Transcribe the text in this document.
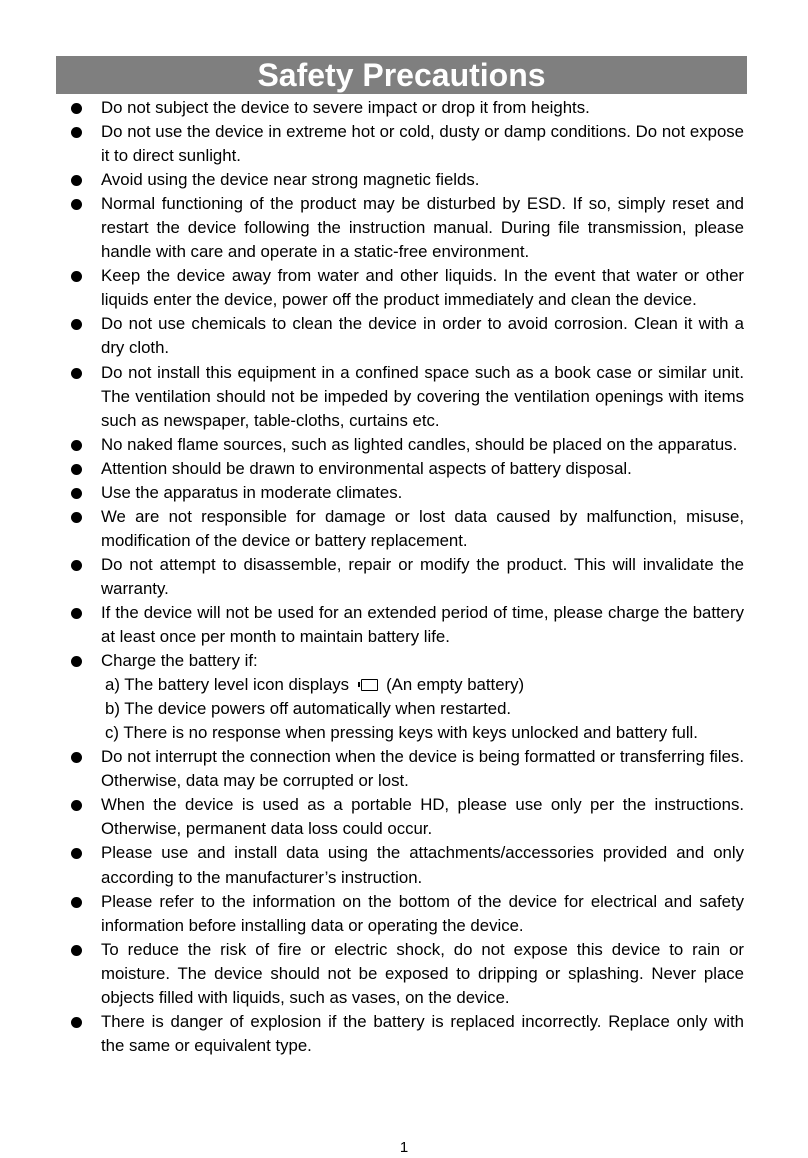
Safety Precautions
Do not subject the device to severe impact or drop it from heights.
Do not use the device in extreme hot or cold, dusty or damp conditions. Do not expose it to direct sunlight.
Avoid using the device near strong magnetic fields.
Normal functioning of the product may be disturbed by ESD. If so, simply reset and restart the device following the instruction manual. During file transmission, please handle with care and operate in a static-free environment.
Keep the device away from water and other liquids. In the event that water or other liquids enter the device, power off the product immediately and clean the device.
Do not use chemicals to clean the device in order to avoid corrosion. Clean it with a dry cloth.
Do not install this equipment in a confined space such as a book case or similar unit. The ventilation should not be impeded by covering the ventilation openings with items such as newspaper, table-cloths, curtains etc.
No naked flame sources, such as lighted candles, should be placed on the apparatus.
Attention should be drawn to environmental aspects of battery disposal.
Use the apparatus in moderate climates.
We are not responsible for damage or lost data caused by malfunction, misuse, modification of the device or battery replacement.
Do not attempt to disassemble, repair or modify the product. This will invalidate the warranty.
If the device will not be used for an extended period of time, please charge the battery at least once per month to maintain battery life.
Charge the battery if:
a) The battery level icon displays (An empty battery)
b) The device powers off automatically when restarted.
c) There is no response when pressing keys with keys unlocked and battery full.
Do not interrupt the connection when the device is being formatted or transferring files. Otherwise, data may be corrupted or lost.
When the device is used as a portable HD, please use only per the instructions. Otherwise, permanent data loss could occur.
Please use and install data using the attachments/accessories provided and only according to the manufacturer’s instruction.
Please refer to the information on the bottom of the device for electrical and safety information before installing data or operating the device.
To reduce the risk of fire or electric shock, do not expose this device to rain or moisture. The device should not be exposed to dripping or splashing. Never place objects filled with liquids, such as vases, on the device.
There is danger of explosion if the battery is replaced incorrectly. Replace only with the same or equivalent type.
1
